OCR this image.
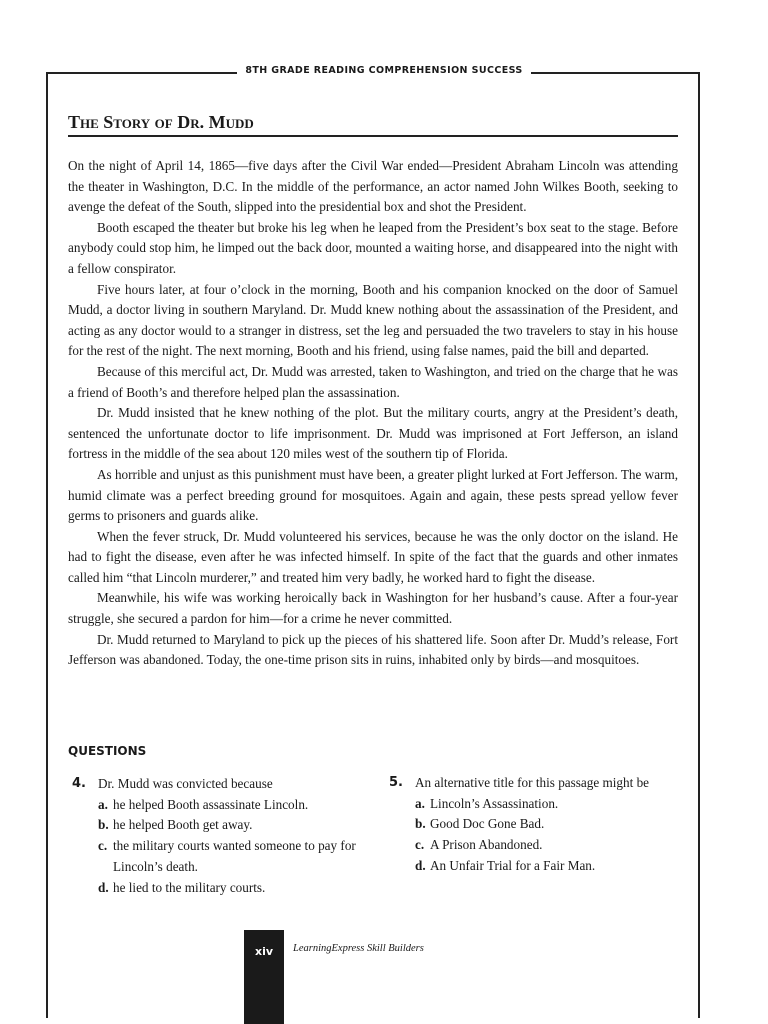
8TH GRADE READING COMPREHENSION SUCCESS
The Story of Dr. Mudd

On the night of April 14, 1865—five days after the Civil War ended—President Abraham Lincoln was attending the theater in Washington, D.C. In the middle of the performance, an actor named John Wilkes Booth, seeking to avenge the defeat of the South, slipped into the presidential box and shot the President.

Booth escaped the theater but broke his leg when he leaped from the President’s box seat to the stage. Before anybody could stop him, he limped out the back door, mounted a waiting horse, and disappeared into the night with a fellow conspirator.

Five hours later, at four o’clock in the morning, Booth and his companion knocked on the door of Samuel Mudd, a doctor living in southern Maryland. Dr. Mudd knew nothing about the assassination of the President, and acting as any doctor would to a stranger in distress, set the leg and persuaded the two travelers to stay in his house for the rest of the night. The next morning, Booth and his friend, using false names, paid the bill and departed.

Because of this merciful act, Dr. Mudd was arrested, taken to Washington, and tried on the charge that he was a friend of Booth’s and therefore helped plan the assassination.

Dr. Mudd insisted that he knew nothing of the plot. But the military courts, angry at the President’s death, sentenced the unfortunate doctor to life imprisonment. Dr. Mudd was imprisoned at Fort Jefferson, an island fortress in the middle of the sea about 120 miles west of the southern tip of Florida.

As horrible and unjust as this punishment must have been, a greater plight lurked at Fort Jefferson. The warm, humid climate was a perfect breeding ground for mosquitoes. Again and again, these pests spread yellow fever germs to prisoners and guards alike.

When the fever struck, Dr. Mudd volunteered his services, because he was the only doctor on the island. He had to fight the disease, even after he was infected himself. In spite of the fact that the guards and other inmates called him “that Lincoln murderer,” and treated him very badly, he worked hard to fight the disease.

Meanwhile, his wife was working heroically back in Washington for her husband’s cause. After a four-year struggle, she secured a pardon for him—for a crime he never committed.

Dr. Mudd returned to Maryland to pick up the pieces of his shattered life. Soon after Dr. Mudd’s release, Fort Jefferson was abandoned. Today, the one-time prison sits in ruins, inhabited only by birds—and mosquitoes.

QUESTIONS
4. Dr. Mudd was convicted because
a. he helped Booth assassinate Lincoln.
b. he helped Booth get away.
c. the military courts wanted someone to pay for Lincoln’s death.
d. he lied to the military courts.
5. An alternative title for this passage might be
a. Lincoln’s Assassination.
b. Good Doc Gone Bad.
c. A Prison Abandoned.
d. An Unfair Trial for a Fair Man.
xiv	LearningExpress Skill Builders
